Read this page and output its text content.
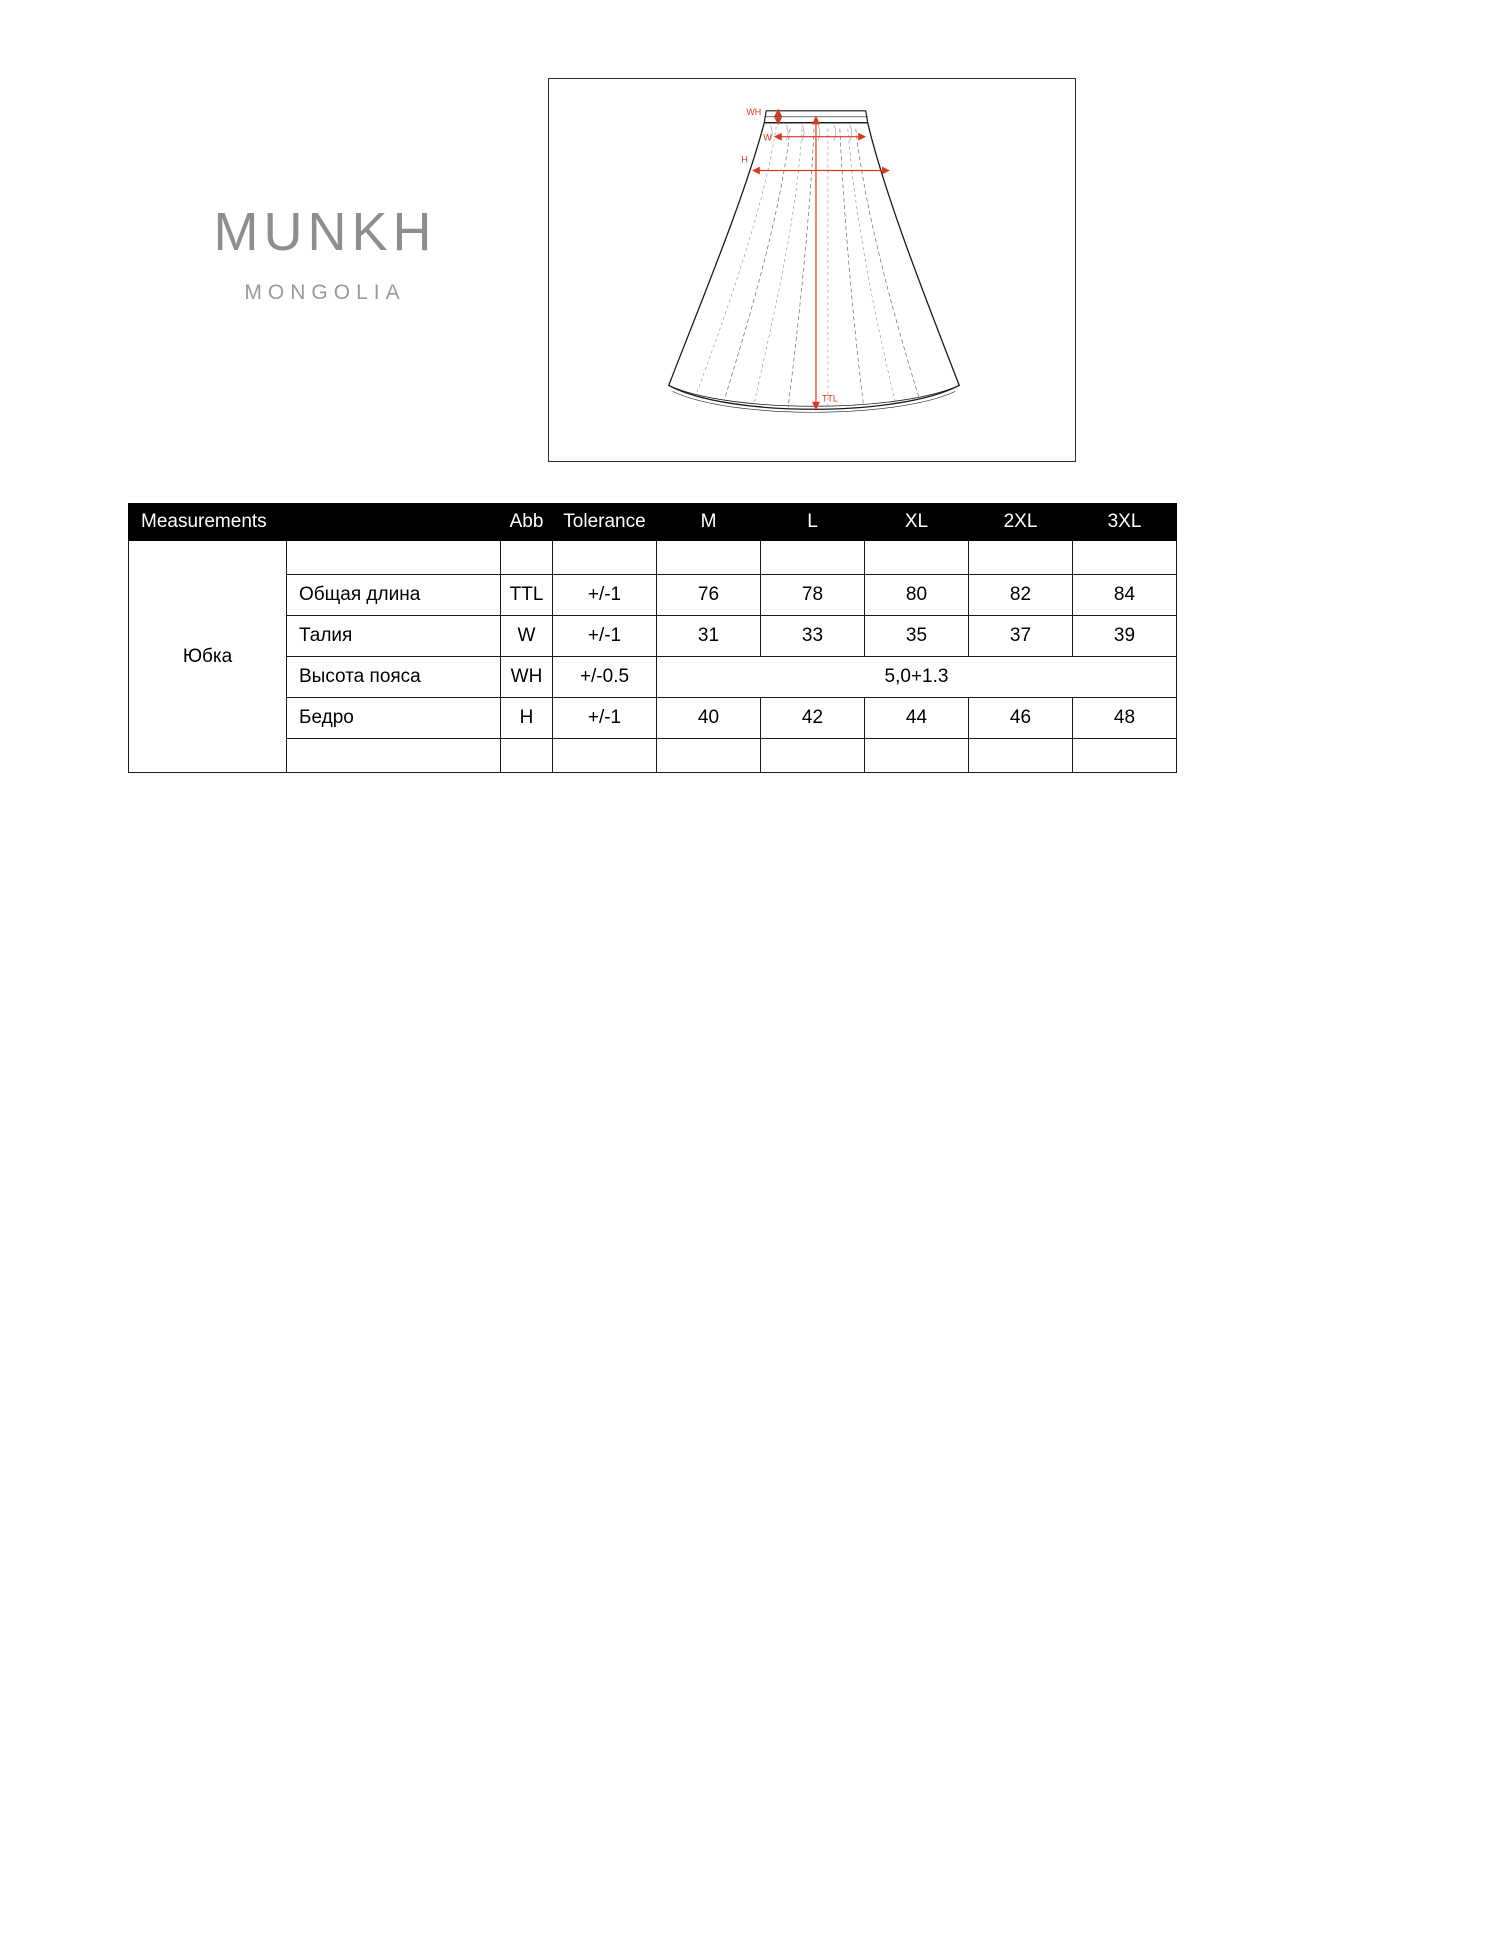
MUNKH
MONGOLIA
WH
W
H
TTL
Measurements		Abb	Tolerance	M	L	XL	2XL	3XL
Юбка								
	Общая длина	TTL	+/-1	76	78	80	82	84
	Талия	W	+/-1	31	33	35	37	39
	Высота пояса	WH	+/-0.5	5,0+1.3				
	Бедро	H	+/-1	40	42	44	46	48
